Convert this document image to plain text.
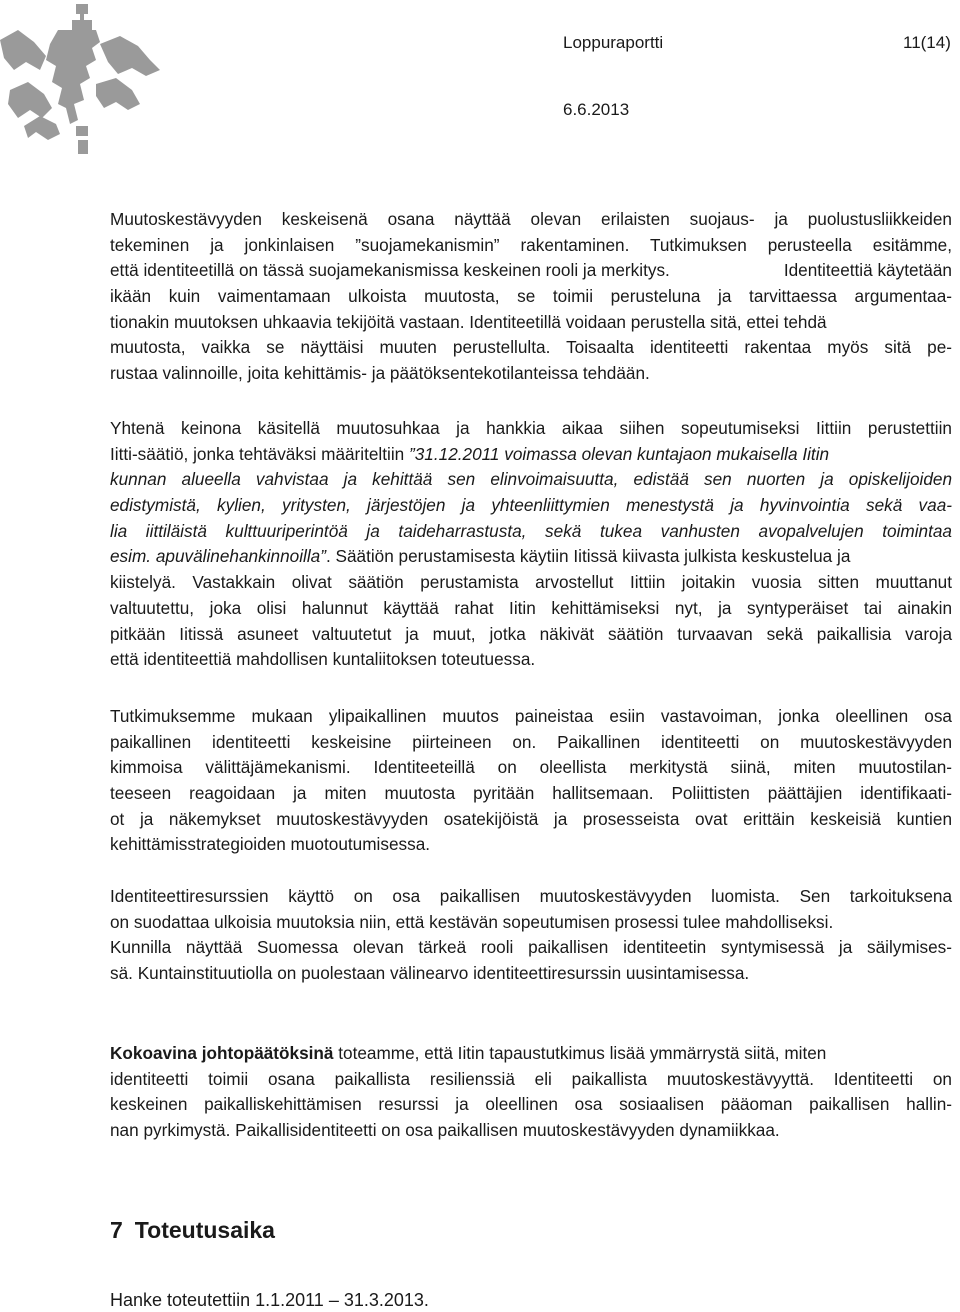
Loppuraportti	11(14)
6.6.2013
Muutoskestävyyden keskeisenä osana näyttää olevan erilaisten suojaus- ja puolustusliikkeiden
tekeminen ja jonkinlaisen ”suojamekanismin” rakentaminen. Tutkimuksen perusteella esitämme,
että identiteetillä on tässä suojamekanismissa keskeinen rooli ja merkitys.	Identiteettiä käytetään
ikään kuin vaimentamaan ulkoista muutosta, se toimii perusteluna ja tarvittaessa argumentaa-
tionakin muutoksen uhkaavia tekijöitä vastaan. Identiteetillä voidaan perustella sitä, ettei tehdä
muutosta, vaikka se näyttäisi muuten perustellulta. Toisaalta identiteetti rakentaa myös sitä pe-
rustaa valinnoille, joita kehittämis- ja päätöksentekotilanteissa tehdään.
Yhtenä keinona käsitellä muutosuhkaa ja hankkia aikaa siihen sopeutumiseksi Iittiin perustettiin
Iitti-säätiö, jonka tehtäväksi määriteltiin ”31.12.2011 voimassa olevan kuntajaon mukaisella Iitin
kunnan alueella vahvistaa ja kehittää sen elinvoimaisuutta, edistää sen nuorten ja opiskelijoiden
edistymistä, kylien, yritysten, järjestöjen ja yhteenliittymien menestystä ja hyvinvointia sekä vaa-
lia iittiläistä kulttuuriperintöä ja taideharrastusta, sekä tukea vanhusten avopalvelujen toimintaa
esim. apuvälinehankinnoilla”. Säätiön perustamisesta käytiin Iitissä kiivasta julkista keskustelua ja
kiistelyä. Vastakkain olivat säätiön perustamista arvostellut Iittiin joitakin vuosia sitten muuttanut
valtuutettu, joka olisi halunnut käyttää rahat Iitin kehittämiseksi nyt, ja syntyperäiset tai ainakin
pitkään Iitissä asuneet valtuutetut ja muut, jotka näkivät säätiön turvaavan sekä paikallisia varoja
että identiteettiä mahdollisen kuntaliitoksen toteutuessa.
Tutkimuksemme mukaan ylipaikallinen muutos paineistaa esiin vastavoiman, jonka oleellinen osa
paikallinen identiteetti keskeisine piirteineen on. Paikallinen identiteetti on muutoskestävyyden
kimmoisa välittäjämekanismi. Identiteeteillä on oleellista merkitystä siinä, miten muutostilan-
teeseen reagoidaan ja miten muutosta pyritään hallitsemaan. Poliittisten päättäjien identifikaati-
ot ja näkemykset muutoskestävyyden osatekijöistä ja prosesseista ovat erittäin keskeisiä kuntien
kehittämisstrategioiden muotoutumisessa.
Identiteettiresurssien käyttö on osa paikallisen muutoskestävyyden luomista. Sen tarkoituksena
on suodattaa ulkoisia muutoksia niin, että kestävän sopeutumisen prosessi tulee mahdolliseksi.
Kunnilla näyttää Suomessa olevan tärkeä rooli paikallisen identiteetin syntymisessä ja säilymises-
sä. Kuntainstituutiolla on puolestaan välinearvo identiteettiresurssin uusintamisessa.
Kokoavina johtopäätöksinä toteamme, että Iitin tapaustutkimus lisää ymmärrystä siitä, miten
identiteetti toimii osana paikallista resilienssiä eli paikallista muutoskestävyyttä. Identiteetti on
keskeinen paikalliskehittämisen resurssi ja oleellinen osa sosiaalisen pääoman paikallisen hallin-
nan pyrkimystä. Paikallisidentiteetti on osa paikallisen muutoskestävyyden dynamiikkaa.
7 Toteutusaika
Hanke toteutettiin 1.1.2011 – 31.3.2013.
